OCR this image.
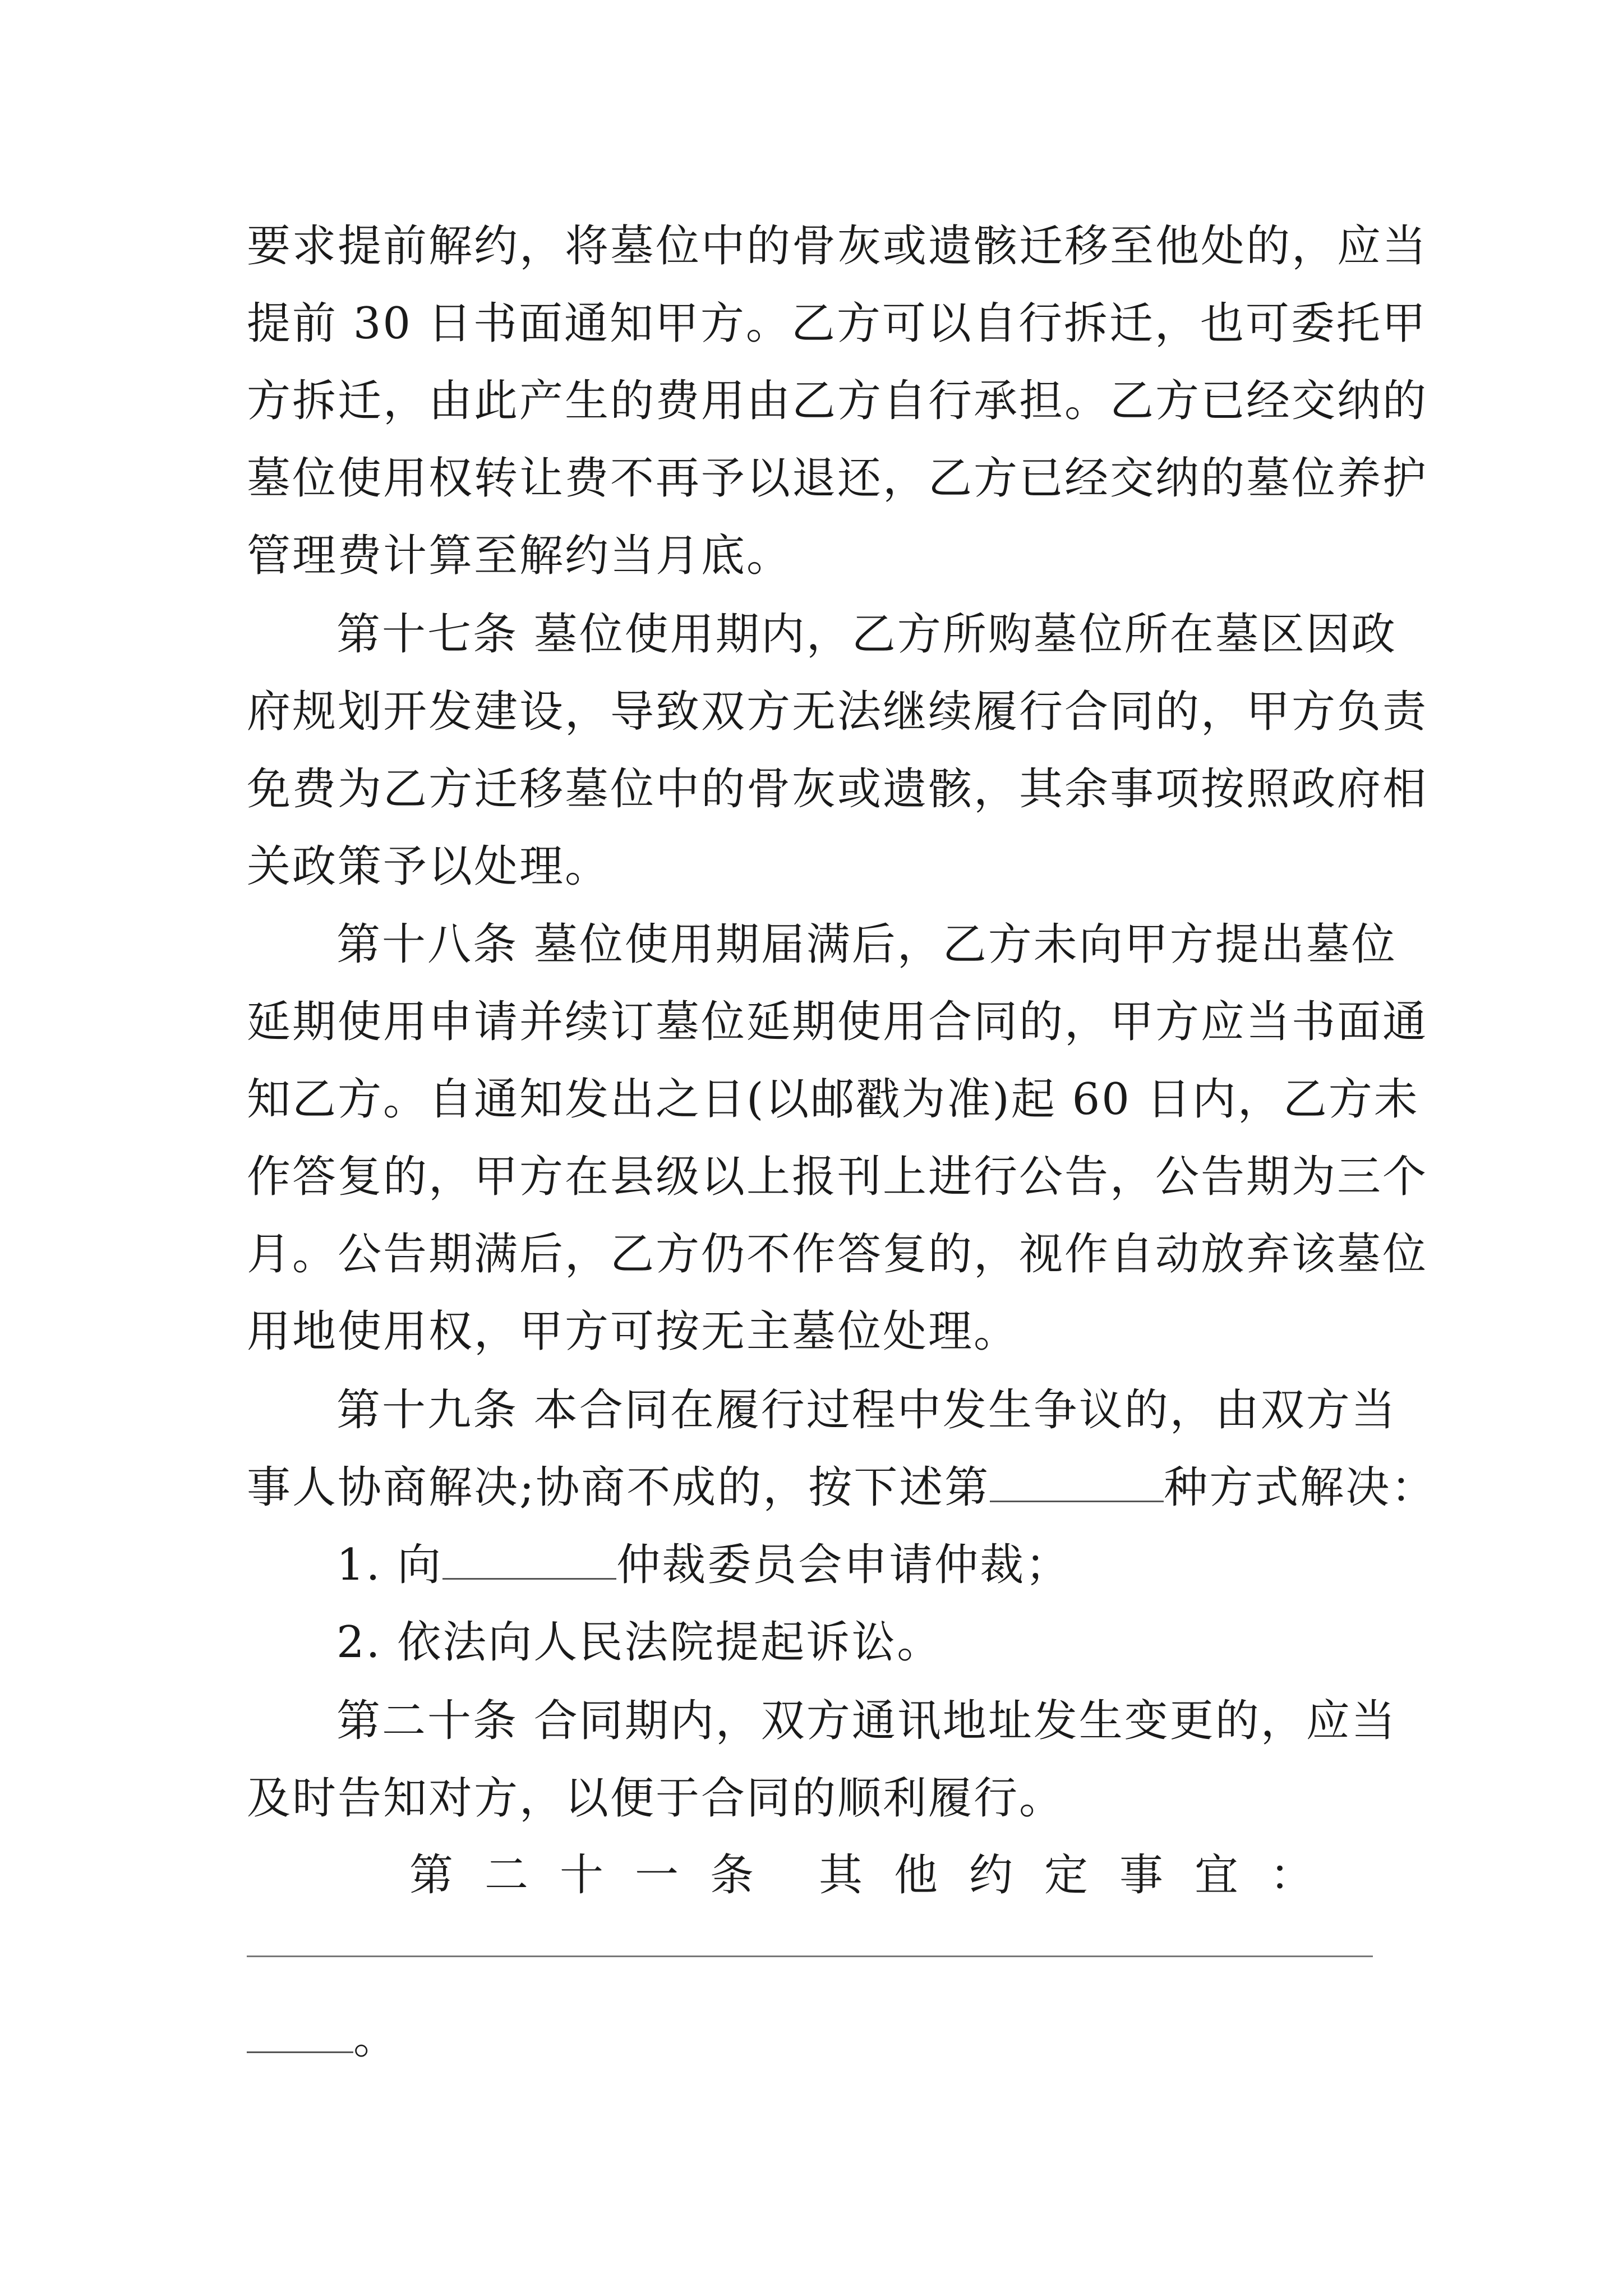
要求提前解约，将墓位中的骨灰或遗骸迁移至他处的，应当
提前 30 日书面通知甲方。乙方可以自行拆迁，也可委托甲
方拆迁，由此产生的费用由乙方自行承担。乙方已经交纳的
墓位使用权转让费不再予以退还，乙方已经交纳的墓位养护
管理费计算至解约当月底。
第十七条 墓位使用期内，乙方所购墓位所在墓区因政
府规划开发建设，导致双方无法继续履行合同的，甲方负责
免费为乙方迁移墓位中的骨灰或遗骸，其余事项按照政府相
关政策予以处理。
第十八条 墓位使用期届满后，乙方未向甲方提出墓位
延期使用申请并续订墓位延期使用合同的，甲方应当书面通
知乙方。自通知发出之日(以邮戳为准)起 60 日内，乙方未
作答复的，甲方在县级以上报刊上进行公告，公告期为三个
月。公告期满后，乙方仍不作答复的，视作自动放弃该墓位
用地使用权，甲方可按无主墓位处理。
第十九条 本合同在履行过程中发生争议的，由双方当
事人协商解决;协商不成的，按下述第	种方式解决：
1. 向	仲裁委员会申请仲裁；
2. 依法向人民法院提起诉讼。
第二十条 合同期内，双方通讯地址发生变更的，应当
及时告知对方，以便于合同的顺利履行。
第二十一条 其他约定事宜：
。
